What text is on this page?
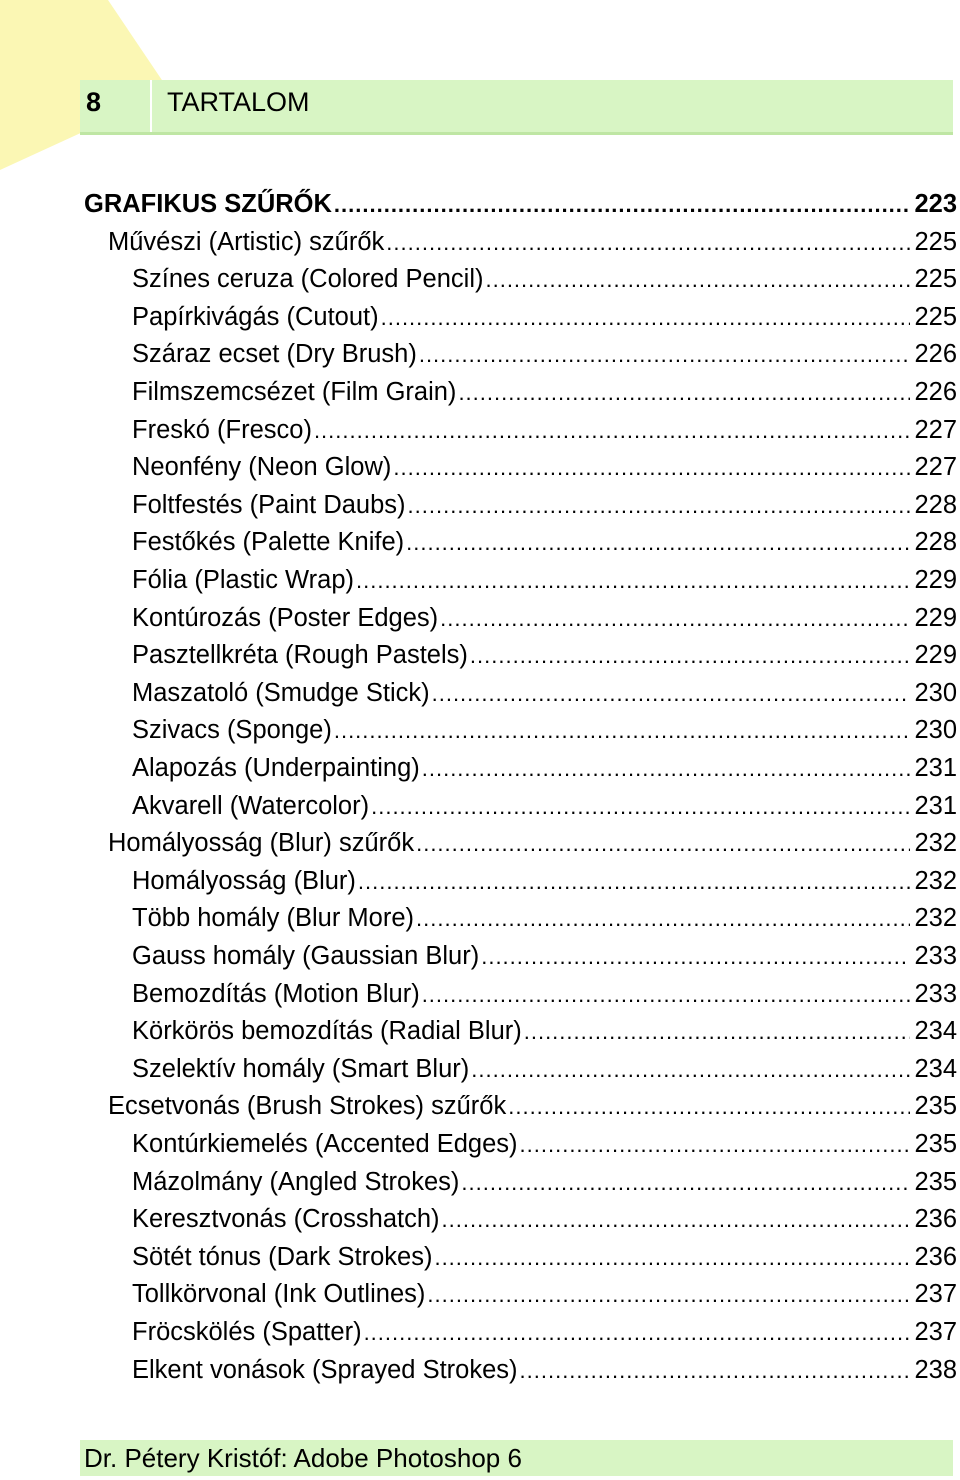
8 TARTALOM
GRAFIKUS SZŰRŐK .....	223
Művészi (Artistic) szűrők .....	225
Színes ceruza (Colored Pencil) .....	225
Papírkivágás (Cutout) .....	225
Száraz ecset (Dry Brush) .....	226
Filmszemcsézet (Film Grain) .....	226
Freskó (Fresco) .....	227
Neonfény (Neon Glow) .....	227
Foltfestés (Paint Daubs) .....	228
Festőkés (Palette Knife) .....	228
Fólia (Plastic Wrap) .....	229
Kontúrozás (Poster Edges) .....	229
Pasztellkréta (Rough Pastels) .....	229
Maszatoló (Smudge Stick) .....	230
Szivacs (Sponge) .....	230
Alapozás (Underpainting) .....	231
Akvarell (Watercolor) .....	231
Homályosság (Blur) szűrők .....	232
Homályosság (Blur) .....	232
Több homály (Blur More) .....	232
Gauss homály (Gaussian Blur) .....	233
Bemozdítás (Motion Blur) .....	233
Körkörös bemozdítás (Radial Blur) .....	234
Szelektív homály (Smart Blur) .....	234
Ecsetvonás (Brush Strokes) szűrők .....	235
Kontúrkiemelés (Accented Edges) .....	235
Mázolmány (Angled Strokes) .....	235
Keresztvonás (Crosshatch) .....	236
Sötét tónus (Dark Strokes) .....	236
Tollkörvonal (Ink Outlines) .....	237
Fröcskölés (Spatter) .....	237
Elkent vonások (Sprayed Strokes) .....	238
Dr. Pétery Kristóf: Adobe Photoshop 6
